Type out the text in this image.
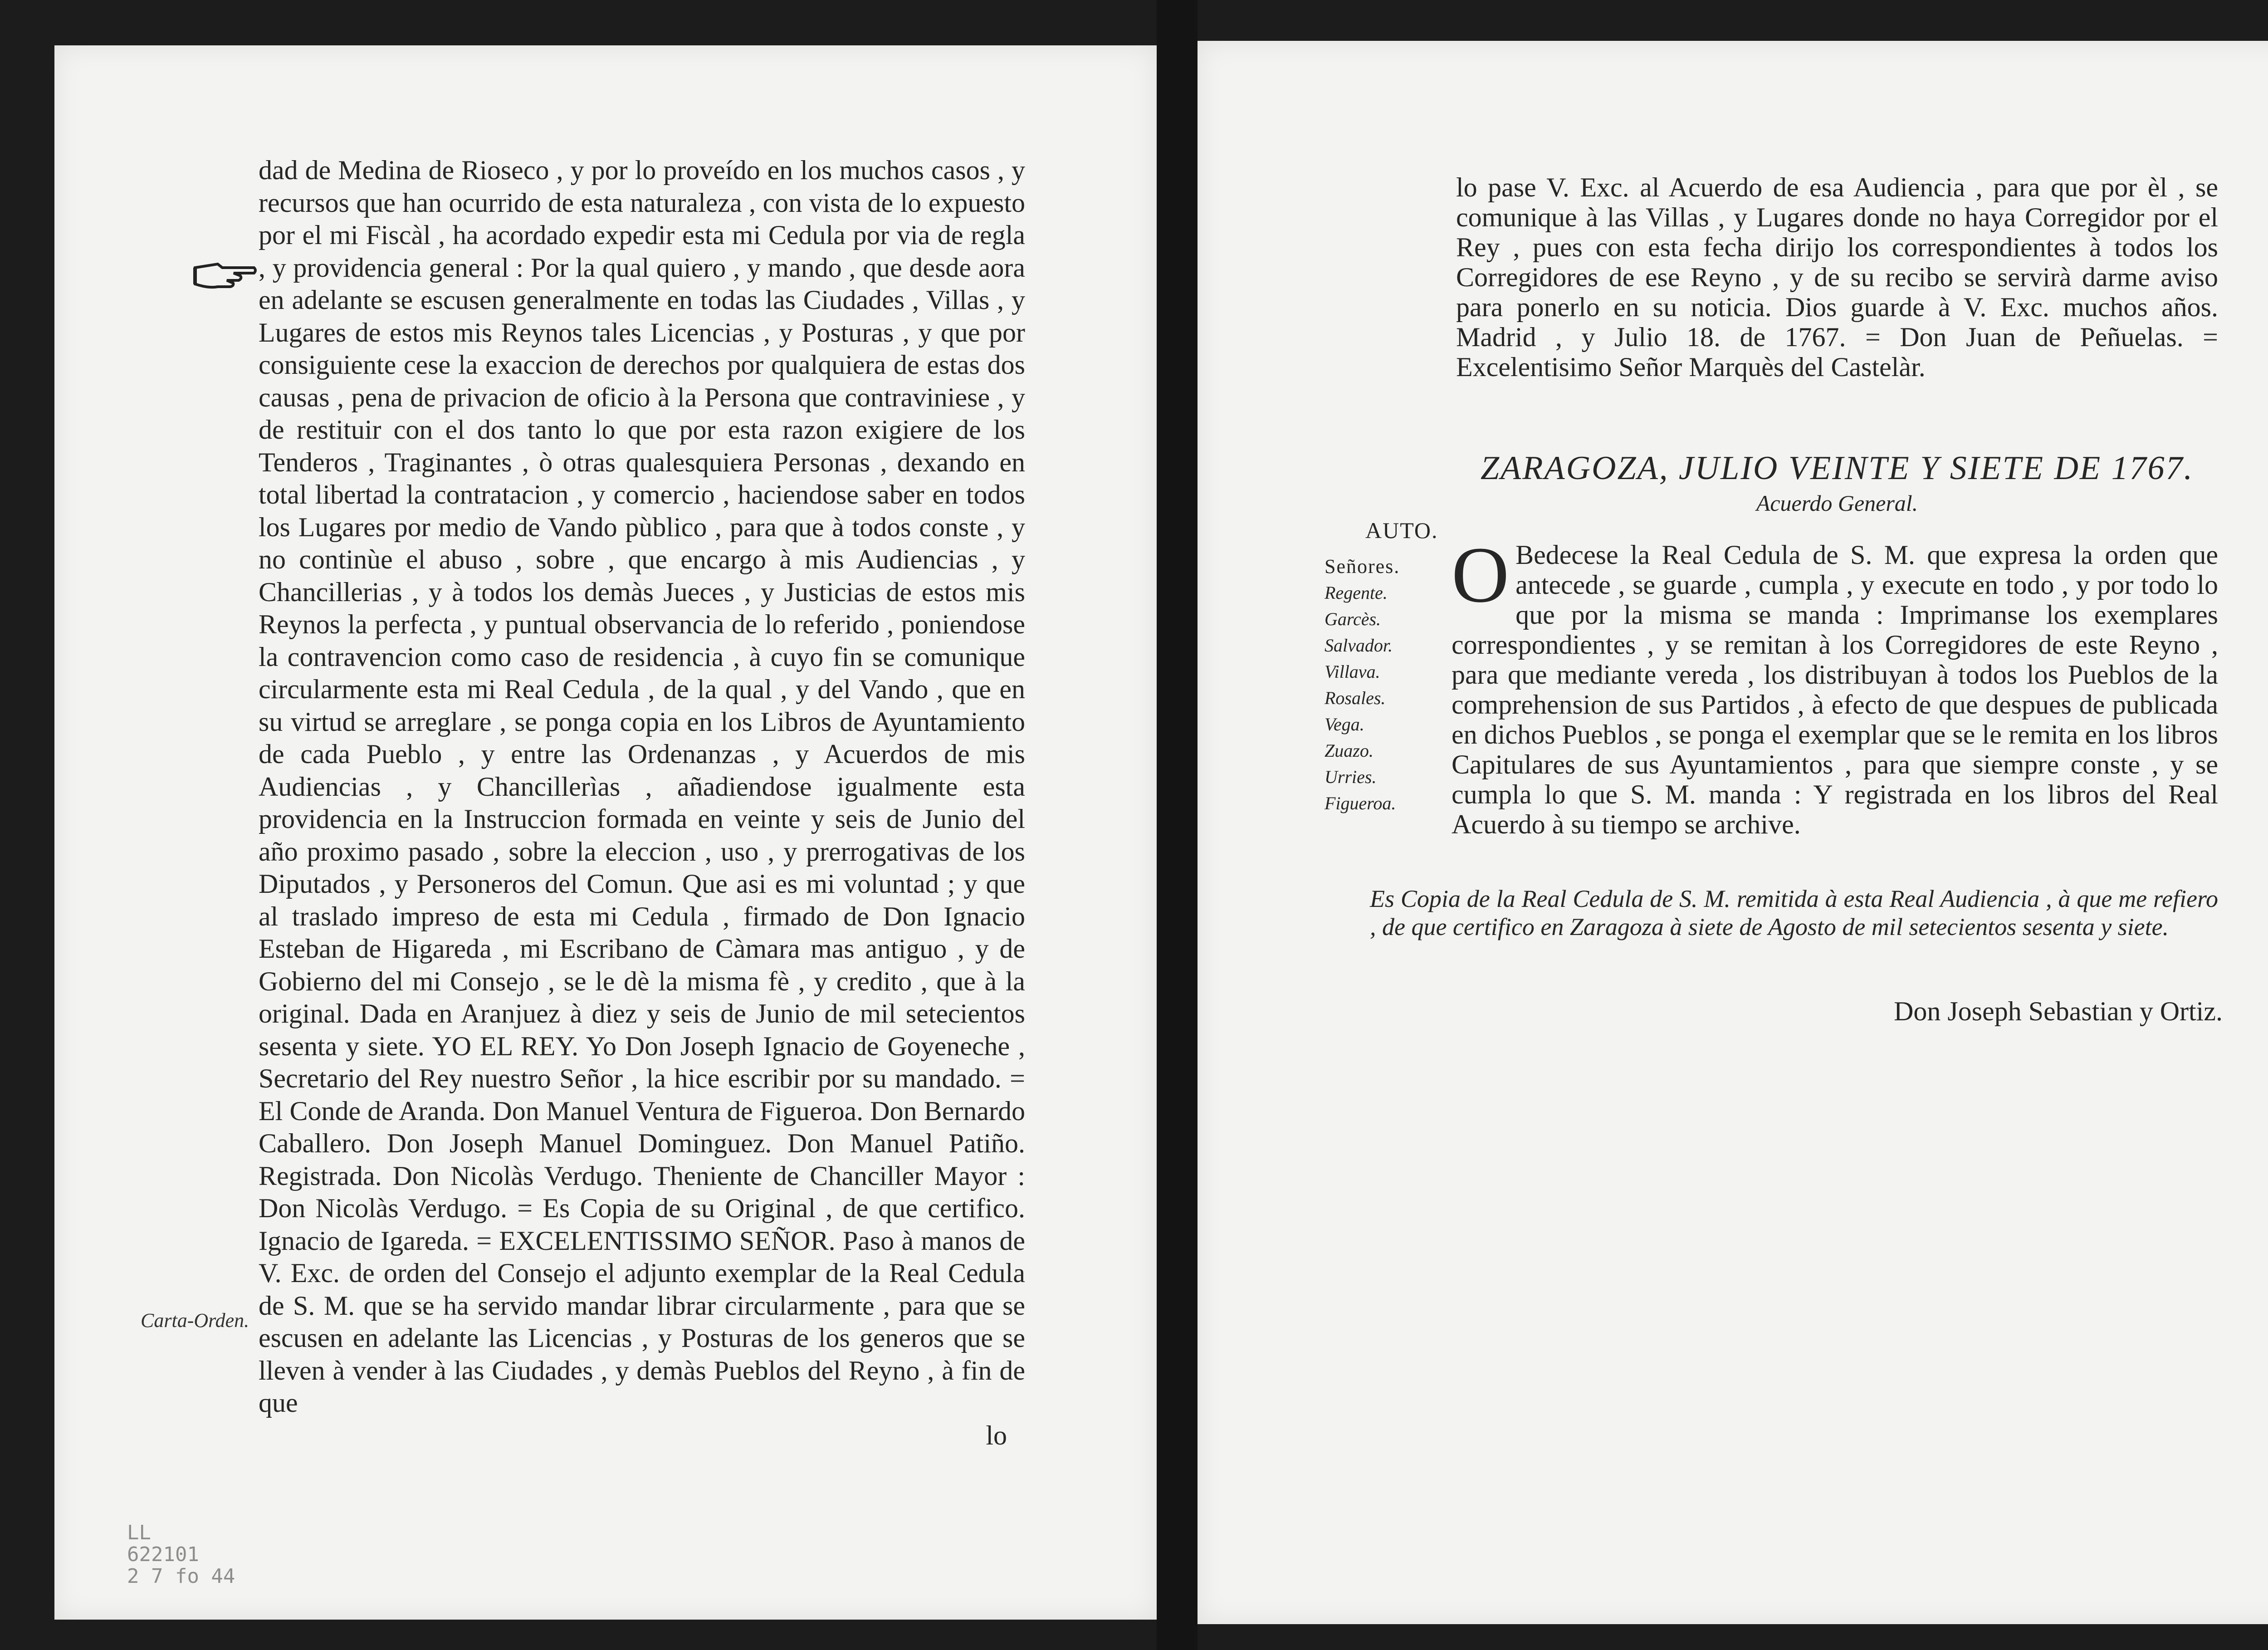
dad de Medina de Rioseco , y por lo proveído en los muchos casos , y recursos que han ocurrido de esta naturaleza , con vista de lo expuesto por el mi Fiscàl , ha acordado expedir esta mi Cedula por via de regla , y providencia general : Por la qual quiero , y mando , que desde aora en adelante se escusen generalmente en todas las Ciudades , Villas , y Lugares de estos mis Reynos tales Licencias , y Posturas , y que por consiguiente cese la exaccion de derechos por qualquiera de estas dos causas , pena de privacion de oficio à la Persona que contraviniese , y de restituir con el dos tanto lo que por esta razon exigiere de los Tenderos , Traginantes , ò otras qualesquiera Personas , dexando en total libertad la contratacion , y comercio , haciendose saber en todos los Lugares por medio de Vando pùblico , para que à todos conste , y no continùe el abuso , sobre , que encargo à mis Audiencias , y Chancillerias , y à todos los demàs Jueces , y Justicias de estos mis Reynos la perfecta , y puntual observancia de lo referido , poniendose la contravencion como caso de residencia , à cuyo fin se comunique circularmente esta mi Real Cedula , de la qual , y del Vando , que en su virtud se arreglare , se ponga copia en los Libros de Ayuntamiento de cada Pueblo , y entre las Ordenanzas , y Acuerdos de mis Audiencias , y Chancillerìas , añadiendose igualmente esta providencia en la Instruccion formada en veinte y seis de Junio del año proximo pasado , sobre la eleccion , uso , y prerrogativas de los Diputados , y Personeros del Comun. Que asi es mi voluntad ; y que al traslado impreso de esta mi Cedula , firmado de Don Ignacio Esteban de Higareda , mi Escribano de Càmara mas antiguo , y de Gobierno del mi Consejo , se le dè la misma fè , y credito , que à la original. Dada en Aranjuez à diez y seis de Junio de mil setecientos sesenta y siete. YO EL REY. Yo Don Joseph Ignacio de Goyeneche , Secretario del Rey nuestro Señor , la hice escribir por su mandado. = El Conde de Aranda. Don Manuel Ventura de Figueroa. Don Bernardo Caballero. Don Joseph Manuel Dominguez. Don Manuel Patiño. Registrada. Don Nicolàs Verdugo. Theniente de Chanciller Mayor : Don Nicolàs Verdugo. = Es Copia de su Original , de que certifico. Ignacio de Igareda. = EXCELENTISSIMO SEÑOR. Paso à manos de V. Exc. de orden del Consejo el adjunto exemplar de la Real Cedula de S. M. que se ha servido mandar librar circularmente , para que se escusen en adelante las Licencias , y Posturas de los generos que se lleven à vender à las Ciudades , y demàs Pueblos del Reyno , à fin de que

lo

Carta-Orden.
LL
622101
2 7 fo 44

lo pase V. Exc. al Acuerdo de esa Audiencia , para que por èl , se comunique à las Villas , y Lugares donde no haya Corregidor por el Rey , pues con esta fecha dirijo los correspondientes à todos los Corregidores de ese Reyno , y de su recibo se servirà darme aviso para ponerlo en su noticia. Dios guarde à V. Exc. muchos años. Madrid , y Julio 18. de 1767. = Don Juan de Peñuelas. = Excelentisimo Señor Marquès del Castelàr.

ZARAGOZA, JULIO VEINTE Y SIETE DE 1767.
Acuerdo General.
AUTO.
Señores.
Regente.
Garcès.
Salvador.
Villava.
Rosales.
Vega.
Zuazo.
Urries.
Figueroa.

O Bedecese la Real Cedula de S. M. que expresa la orden que antecede , se guarde , cumpla , y execute en todo , y por todo lo que por la misma se manda : Imprimanse los exemplares correspondientes , y se remitan à los Corregidores de este Reyno , para que mediante vereda , los distribuyan à todos los Pueblos de la comprehension de sus Partidos , à efecto de que despues de publicada en dichos Pueblos , se ponga el exemplar que se le remita en los libros Capitulares de sus Ayuntamientos , para que siempre conste , y se cumpla lo que S. M. manda : Y registrada en los libros del Real Acuerdo à su tiempo se archive.

Es Copia de la Real Cedula de S. M. remitida à esta Real Audiencia , à que me refiero , de que certifico en Zaragoza à siete de Agosto de mil setecientos sesenta y siete.

Don Joseph Sebastian y Ortiz.
